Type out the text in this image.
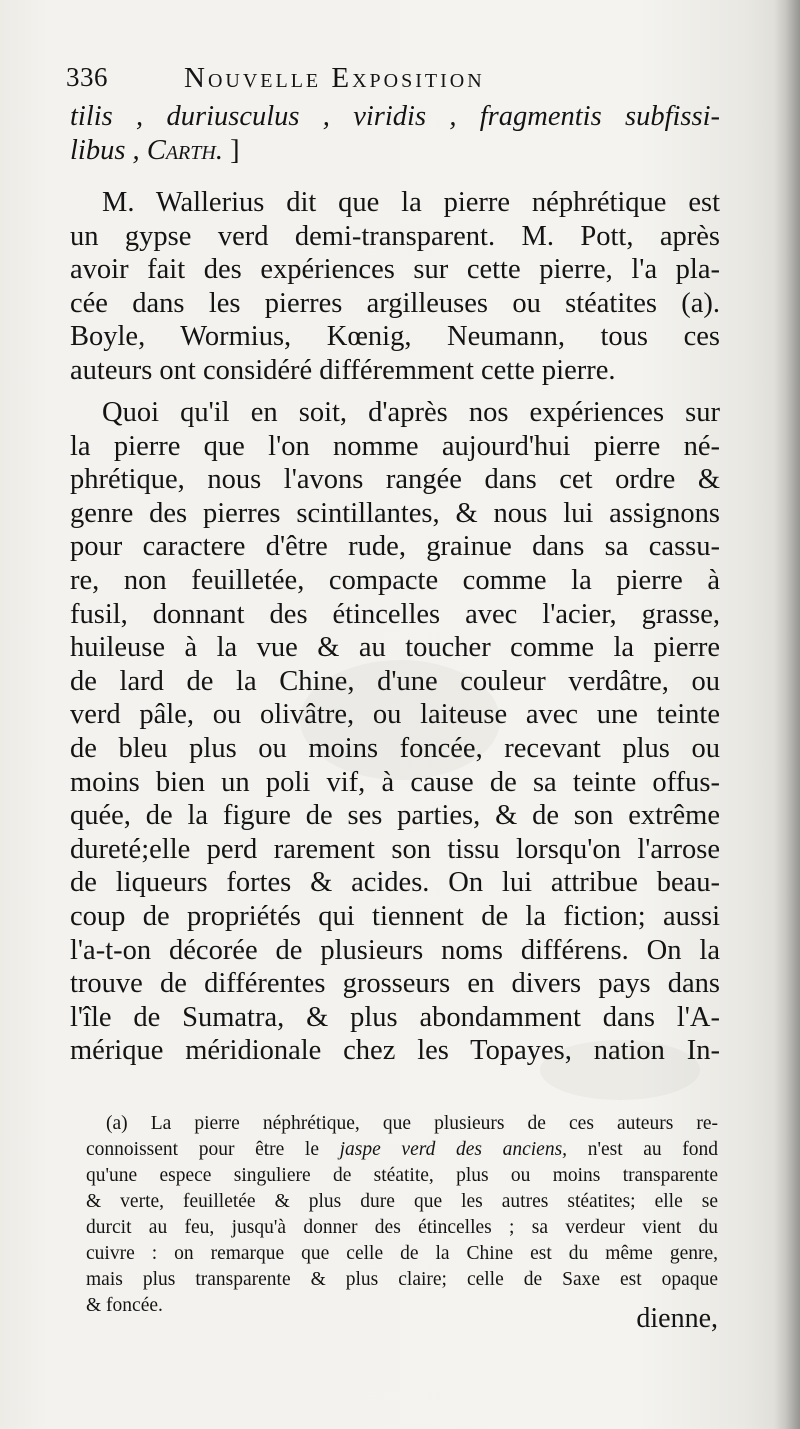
336	Nouvelle Exposition
tilis , duriusculus , viridis , fragmentis subfissi-
libus , Carth. ]
M. Wallerius dit que la pierre néphrétique est
un gypse verd demi-transparent. M. Pott, après
avoir fait des expériences sur cette pierre, l'a pla-
cée dans les pierres argilleuses ou stéatites (a).
Boyle, Wormius, Kœnig, Neumann, tous ces
auteurs ont considéré différemment cette pierre.
Quoi qu'il en soit, d'après nos expériences sur
la pierre que l'on nomme aujourd'hui pierre né-
phrétique, nous l'avons rangée dans cet ordre &
genre des pierres scintillantes, & nous lui assignons
pour caractere d'être rude, grainue dans sa cassu-
re, non feuilletée, compacte comme la pierre à
fusil, donnant des étincelles avec l'acier, grasse,
huileuse à la vue & au toucher comme la pierre
de lard de la Chine, d'une couleur verdâtre, ou
verd pâle, ou olivâtre, ou laiteuse avec une teinte
de bleu plus ou moins foncée, recevant plus ou
moins bien un poli vif, à cause de sa teinte offus-
quée, de la figure de ses parties, & de son extrême
dureté;elle perd rarement son tissu lorsqu'on l'arrose
de liqueurs fortes & acides. On lui attribue beau-
coup de propriétés qui tiennent de la fiction; aussi
l'a-t-on décorée de plusieurs noms différens. On la
trouve de différentes grosseurs en divers pays dans
l'île de Sumatra, & plus abondamment dans l'A-
mérique méridionale chez les Topayes, nation In-
(a) La pierre néphrétique, que plusieurs de ces auteurs re-
connoissent pour être le jaspe verd des anciens, n'est au fond
qu'une espece singuliere de stéatite, plus ou moins transparente
& verte, feuilletée & plus dure que les autres stéatites; elle se
durcit au feu, jusqu'à donner des étincelles ; sa verdeur vient du
cuivre : on remarque que celle de la Chine est du même genre,
mais plus transparente & plus claire; celle de Saxe est opaque
& foncée.	dienne,
